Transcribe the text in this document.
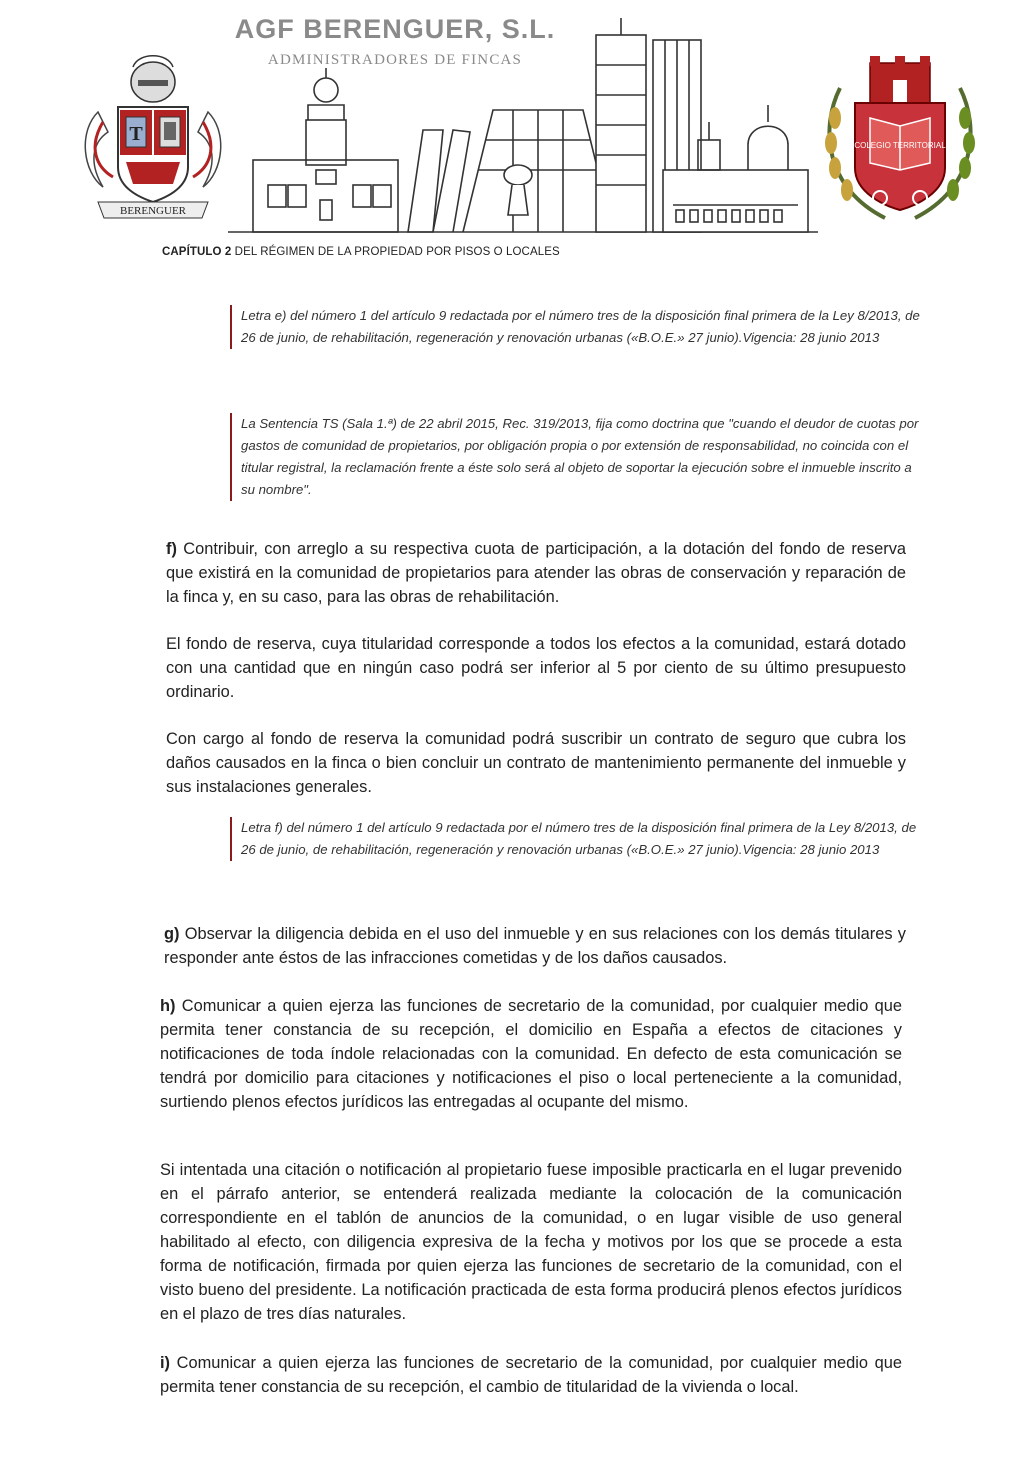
T
BERENGUER
AGF BERENGUER, S.L.
ADMINISTRADORES DE FINCAS
COLEGIO TERRITORIAL
CAPÍTULO 2 DEL RÉGIMEN DE LA PROPIEDAD POR PISOS O LOCALES
Letra e) del número 1 del artículo 9 redactada por el número tres de la disposición final primera de la Ley 8/2013, de 26 de junio, de rehabilitación, regeneración y renovación urbanas («B.O.E.» 27 junio).Vigencia: 28 junio 2013
La Sentencia TS (Sala 1.ª) de 22 abril 2015, Rec. 319/2013, fija como doctrina que "cuando el deudor de cuotas por gastos de comunidad de propietarios, por obligación propia o por extensión de responsabilidad, no coincida con el titular registral, la reclamación frente a éste solo será al objeto de soportar la ejecución sobre el inmueble inscrito a su nombre".
f) Contribuir, con arreglo a su respectiva cuota de participación, a la dotación del fondo de reserva que existirá en la comunidad de propietarios para atender las obras de conservación y reparación de la finca y, en su caso, para las obras de rehabilitación.
El fondo de reserva, cuya titularidad corresponde a todos los efectos a la comunidad, estará dotado con una cantidad que en ningún caso podrá ser inferior al 5 por ciento de su último presupuesto ordinario.
Con cargo al fondo de reserva la comunidad podrá suscribir un contrato de seguro que cubra los daños causados en la finca o bien concluir un contrato de mantenimiento permanente del inmueble y sus instalaciones generales.
Letra f) del número 1 del artículo 9 redactada por el número tres de la disposición final primera de la Ley 8/2013, de 26 de junio, de rehabilitación, regeneración y renovación urbanas («B.O.E.» 27 junio).Vigencia: 28 junio 2013
g) Observar la diligencia debida en el uso del inmueble y en sus relaciones con los demás titulares y responder ante éstos de las infracciones cometidas y de los daños causados.
h) Comunicar a quien ejerza las funciones de secretario de la comunidad, por cualquier medio que permita tener constancia de su recepción, el domicilio en España a efectos de citaciones y notificaciones de toda índole relacionadas con la comunidad. En defecto de esta comunicación se tendrá por domicilio para citaciones y notificaciones el piso o local perteneciente a la comunidad, surtiendo plenos efectos jurídicos las entregadas al ocupante del mismo.
Si intentada una citación o notificación al propietario fuese imposible practicarla en el lugar prevenido en el párrafo anterior, se entenderá realizada mediante la colocación de la comunicación correspondiente en el tablón de anuncios de la comunidad, o en lugar visible de uso general habilitado al efecto, con diligencia expresiva de la fecha y motivos por los que se procede a esta forma de notificación, firmada por quien ejerza las funciones de secretario de la comunidad, con el visto bueno del presidente. La notificación practicada de esta forma producirá plenos efectos jurídicos en el plazo de tres días naturales.
i) Comunicar a quien ejerza las funciones de secretario de la comunidad, por cualquier medio que permita tener constancia de su recepción, el cambio de titularidad de la vivienda o local.
